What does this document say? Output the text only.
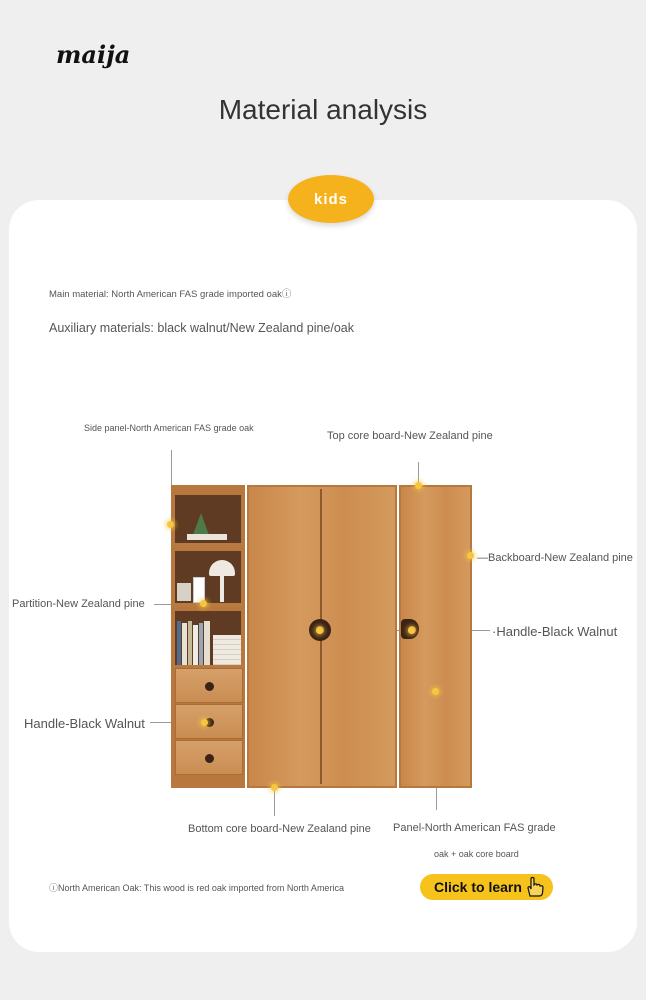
maija
Material analysis
kids
Main material: North American FAS grade imported oakⓘ
Auxiliary materials: black walnut/New Zealand pine/oak
Side panel-North American FAS grade oak
Top core board-New Zealand pine
—Backboard-New Zealand pine
Partition-New Zealand pine
·Handle-Black Walnut
Handle-Black Walnut
Bottom core board-New Zealand pine Panel-North American FAS grade
oak + oak core board
ⓘNorth American Oak: This wood is red oak imported from North America	Click to learn
